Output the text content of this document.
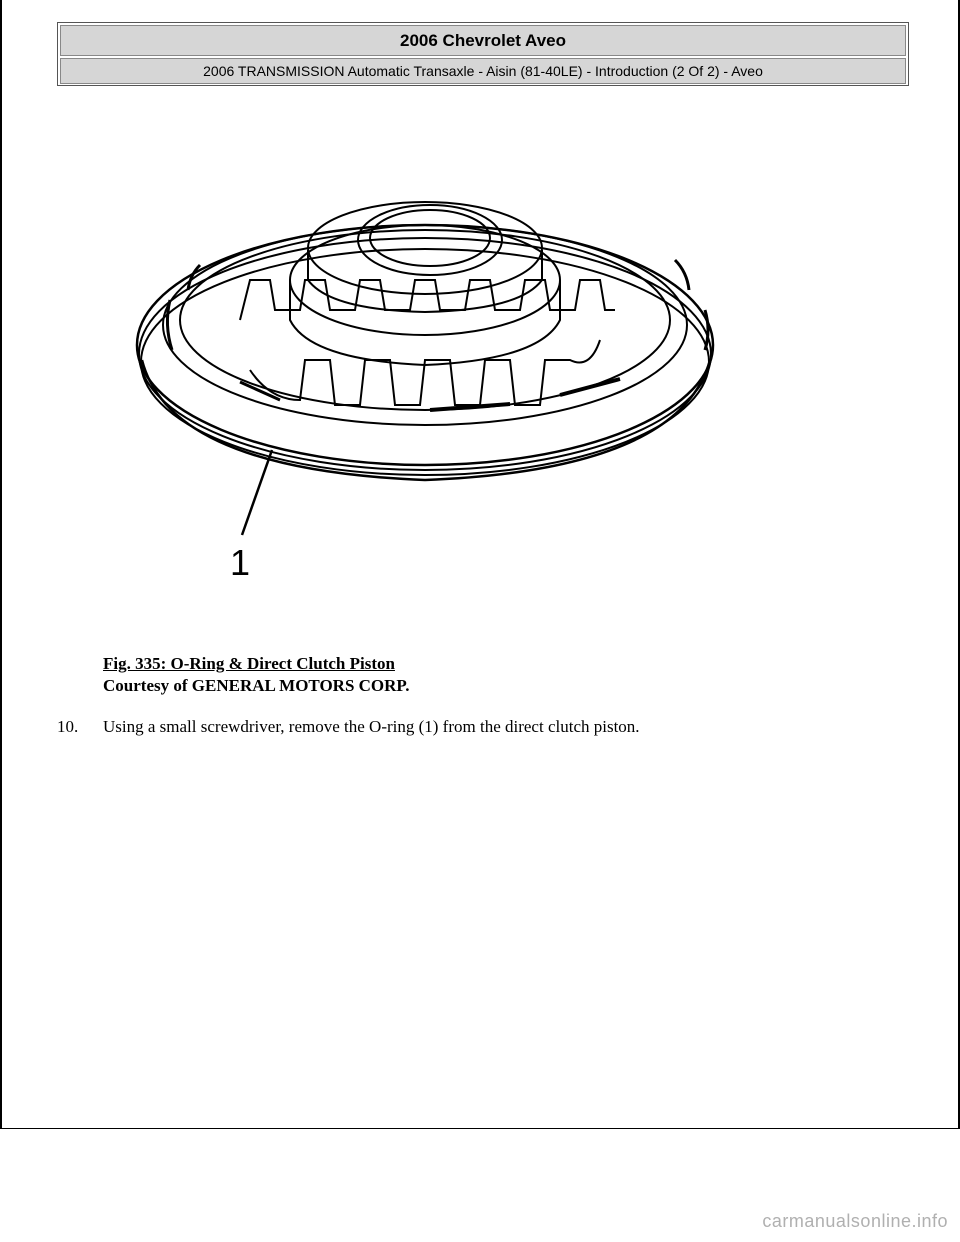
2006 Chevrolet Aveo
2006 TRANSMISSION Automatic Transaxle - Aisin (81-40LE) - Introduction (2 Of 2) - Aveo
1
Fig. 335: O-Ring & Direct Clutch Piston
Courtesy of GENERAL MOTORS CORP.
10.	Using a small screwdriver, remove the O-ring (1) from the direct clutch piston.
carmanualsonline.info
